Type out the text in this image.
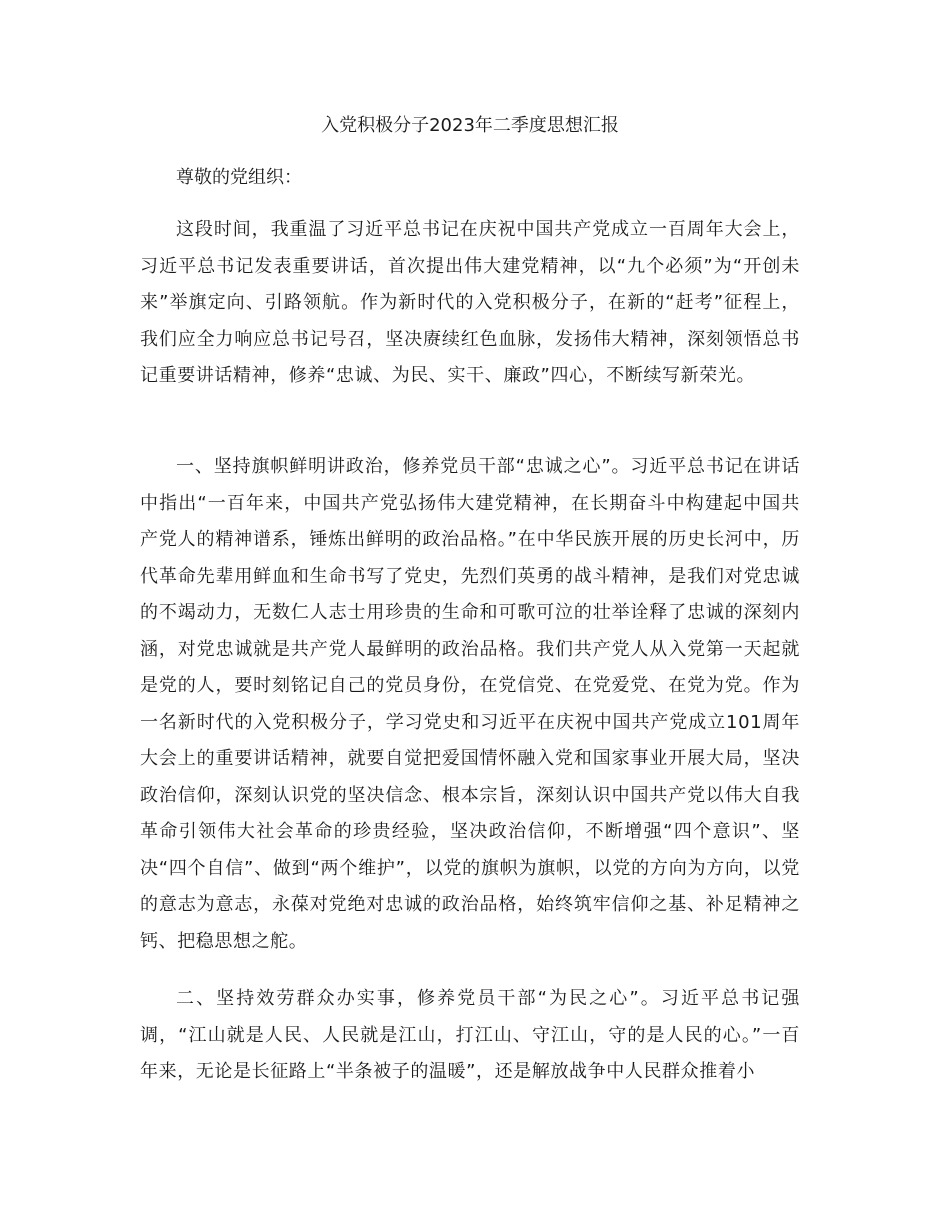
入党积极分子2023年二季度思想汇报

尊敬的党组织：

这段时间，我重温了习近平总书记在庆祝中国共产党成立一百周年大会上，习近平总书记发表重要讲话，首次提出伟大建党精神，以“九个必须”为“开创未来”举旗定向、引路领航。作为新时代的入党积极分子，在新的“赶考”征程上，我们应全力响应总书记号召，坚决赓续红色血脉，发扬伟大精神，深刻领悟总书记重要讲话精神，修养“忠诚、为民、实干、廉政”四心，不断续写新荣光。

一、坚持旗帜鲜明讲政治，修养党员干部“忠诚之心”。习近平总书记在讲话中指出“一百年来，中国共产党弘扬伟大建党精神，在长期奋斗中构建起中国共产党人的精神谱系，锤炼出鲜明的政治品格。”在中华民族开展的历史长河中，历代革命先辈用鲜血和生命书写了党史，先烈们英勇的战斗精神，是我们对党忠诚的不竭动力，无数仁人志士用珍贵的生命和可歌可泣的壮举诠释了忠诚的深刻内涵，对党忠诚就是共产党人最鲜明的政治品格。我们共产党人从入党第一天起就是党的人，要时刻铭记自己的党员身份，在党信党、在党爱党、在党为党。作为一名新时代的入党积极分子，学习党史和习近平在庆祝中国共产党成立101周年大会上的重要讲话精神，就要自觉把爱国情怀融入党和国家事业开展大局，坚决政治信仰，深刻认识党的坚决信念、根本宗旨，深刻认识中国共产党以伟大自我革命引领伟大社会革命的珍贵经验，坚决政治信仰，不断增强“四个意识”、坚决“四个自信”、做到“两个维护”，以党的旗帜为旗帜，以党的方向为方向，以党的意志为意志，永葆对党绝对忠诚的政治品格，始终筑牢信仰之基、补足精神之钙、把稳思想之舵。

二、坚持效劳群众办实事，修养党员干部“为民之心”。习近平总书记强调，“江山就是人民、人民就是江山，打江山、守江山，守的是人民的心。”一百年来，无论是长征路上“半条被子的温暖”，还是解放战争中人民群众推着小
